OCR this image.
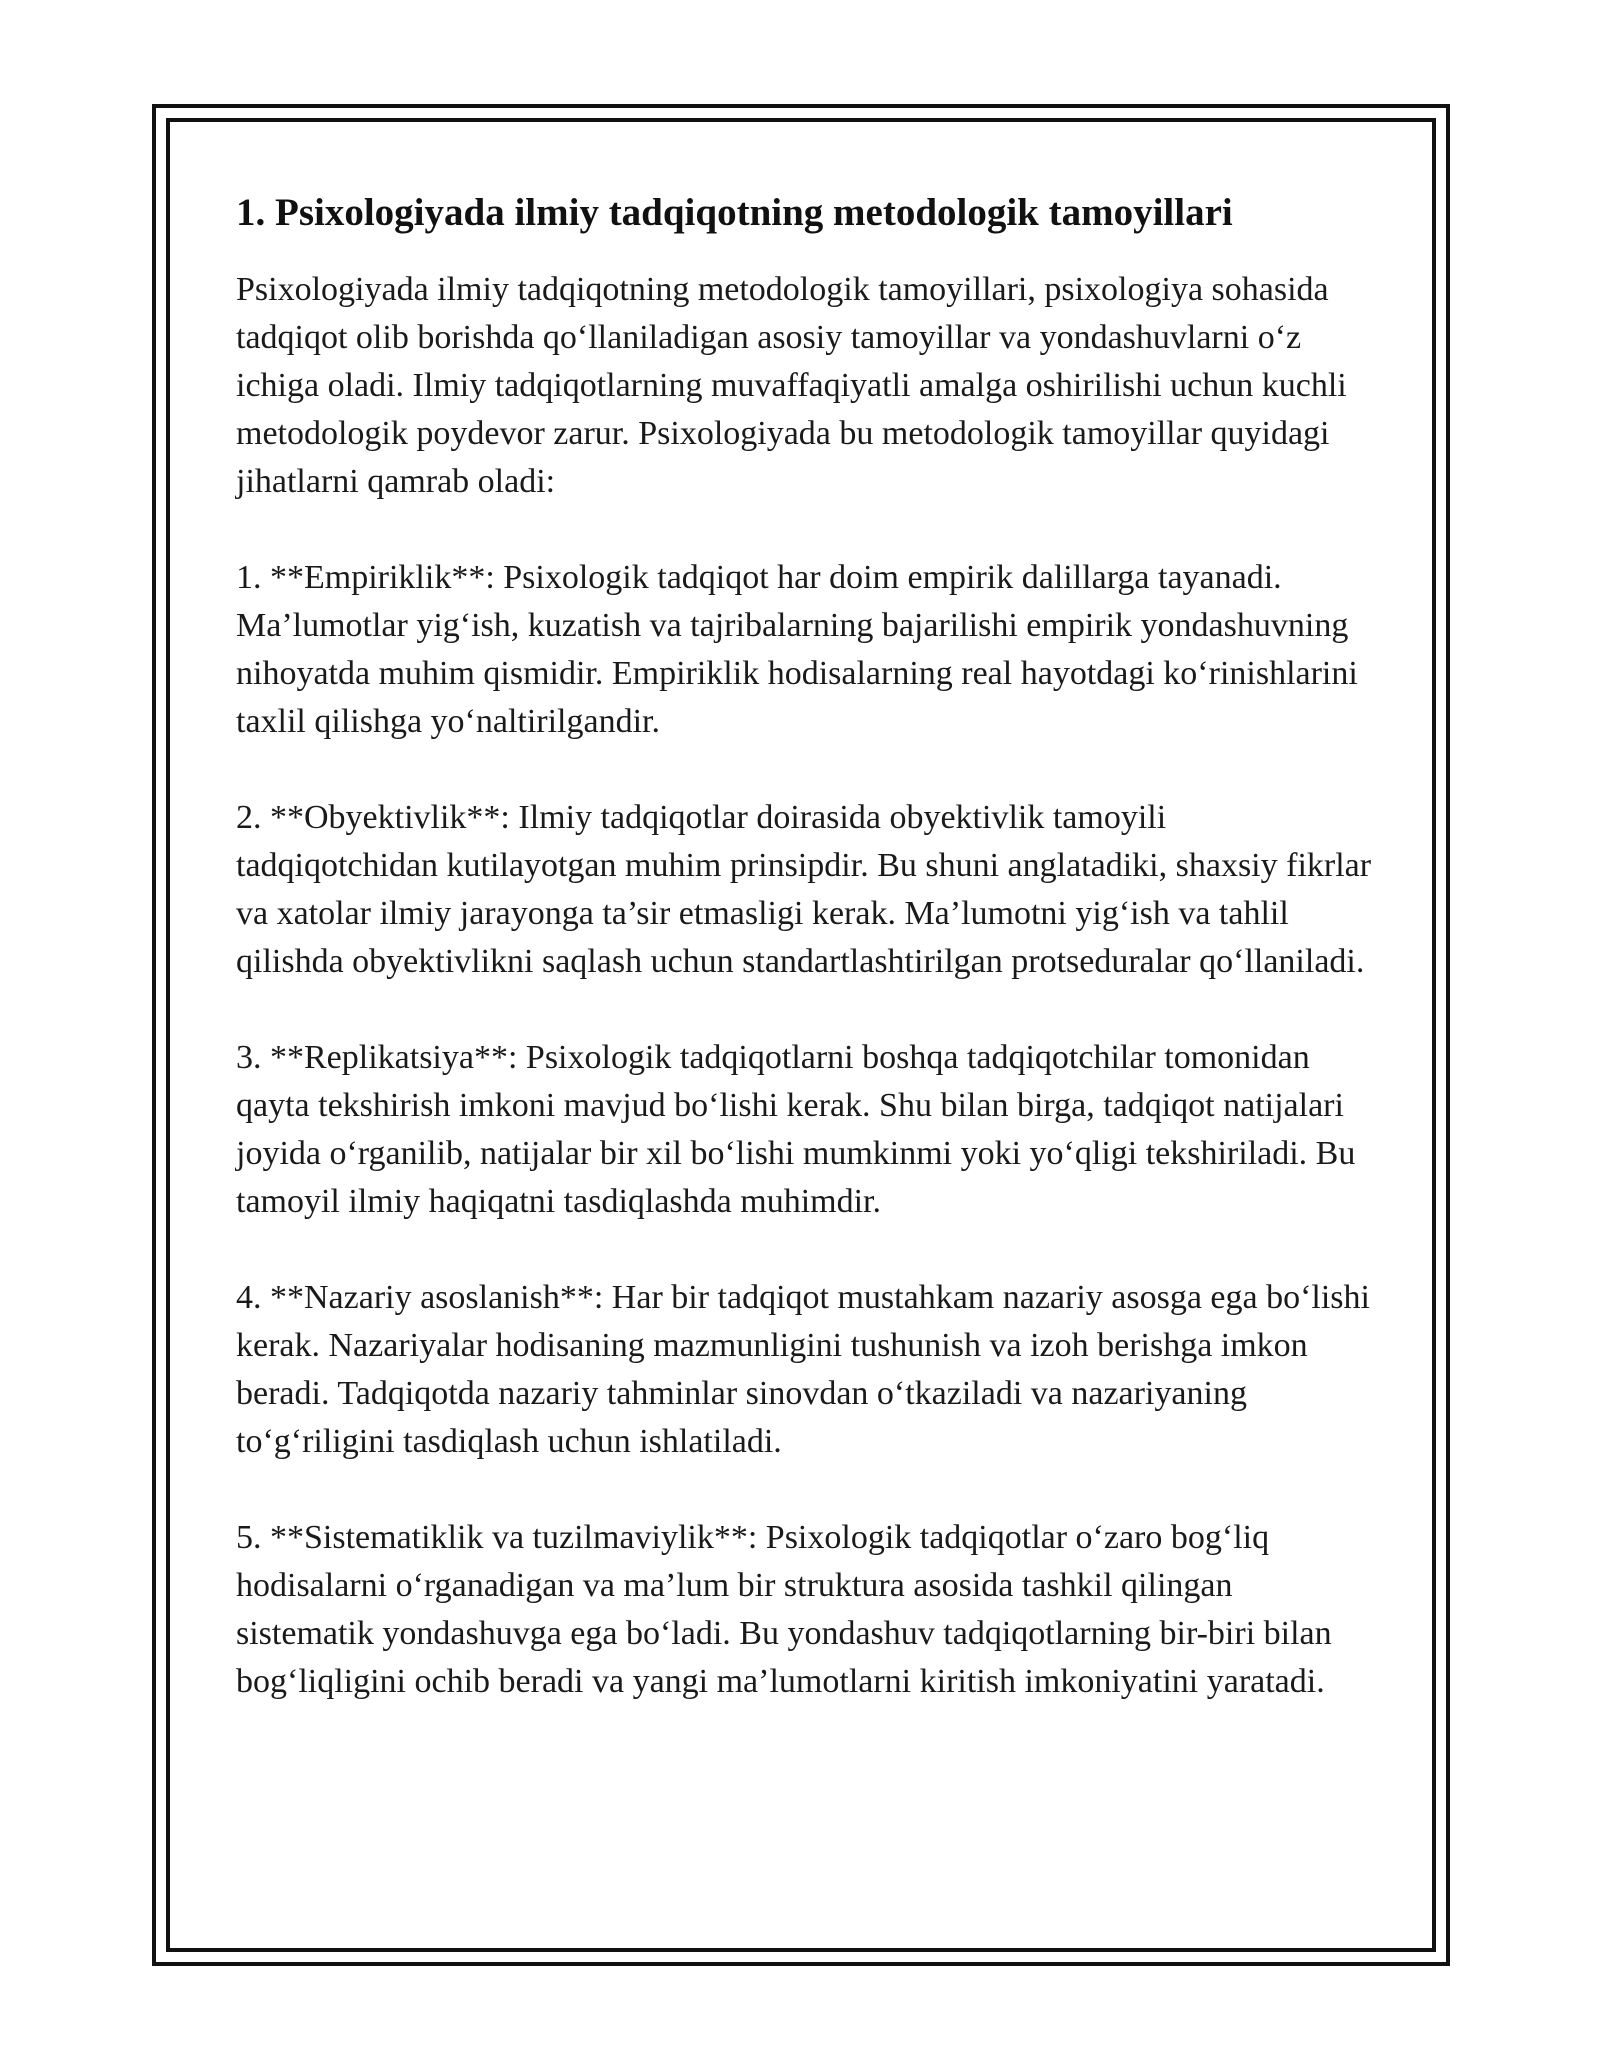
1. Psixologiyada ilmiy tadqiqotning metodologik tamoyillari

Psixologiyada ilmiy tadqiqotning metodologik tamoyillari, psixologiya sohasida tadqiqot olib borishda qo‘llaniladigan asosiy tamoyillar va yondashuvlarni o‘z ichiga oladi. Ilmiy tadqiqotlarning muvaffaqiyatli amalga oshirilishi uchun kuchli metodologik poydevor zarur. Psixologiyada bu metodologik tamoyillar quyidagi jihatlarni qamrab oladi:

1. **Empiriklik**: Psixologik tadqiqot har doim empirik dalillarga tayanadi. Ma’lumotlar yig‘ish, kuzatish va tajribalarning bajarilishi empirik yondashuvning nihoyatda muhim qismidir. Empiriklik hodisalarning real hayotdagi ko‘rinishlarini taxlil qilishga yo‘naltirilgandir.

2. **Obyektivlik**: Ilmiy tadqiqotlar doirasida obyektivlik tamoyili tadqiqotchidan kutilayotgan muhim prinsipdir. Bu shuni anglatadiki, shaxsiy fikrlar va xatolar ilmiy jarayonga ta’sir etmasligi kerak. Ma’lumotni yig‘ish va tahlil qilishda obyektivlikni saqlash uchun standartlashtirilgan protseduralar qo‘llaniladi.

3. **Replikatsiya**: Psixologik tadqiqotlarni boshqa tadqiqotchilar tomonidan qayta tekshirish imkoni mavjud bo‘lishi kerak. Shu bilan birga, tadqiqot natijalari joyida o‘rganilib, natijalar bir xil bo‘lishi mumkinmi yoki yo‘qligi tekshiriladi. Bu tamoyil ilmiy haqiqatni tasdiqlashda muhimdir.

4. **Nazariy asoslanish**: Har bir tadqiqot mustahkam nazariy asosga ega bo‘lishi kerak. Nazariyalar hodisaning mazmunligini tushunish va izoh berishga imkon beradi. Tadqiqotda nazariy tahminlar sinovdan o‘tkaziladi va nazariyaning to‘g‘riligini tasdiqlash uchun ishlatiladi.

5. **Sistematiklik va tuzilmaviylik**: Psixologik tadqiqotlar o‘zaro bog‘liq hodisalarni o‘rganadigan va ma’lum bir struktura asosida tashkil qilingan sistematik yondashuvga ega bo‘ladi. Bu yondashuv tadqiqotlarning bir-biri bilan bog‘liqligini ochib beradi va yangi ma’lumotlarni kiritish imkoniyatini yaratadi.
